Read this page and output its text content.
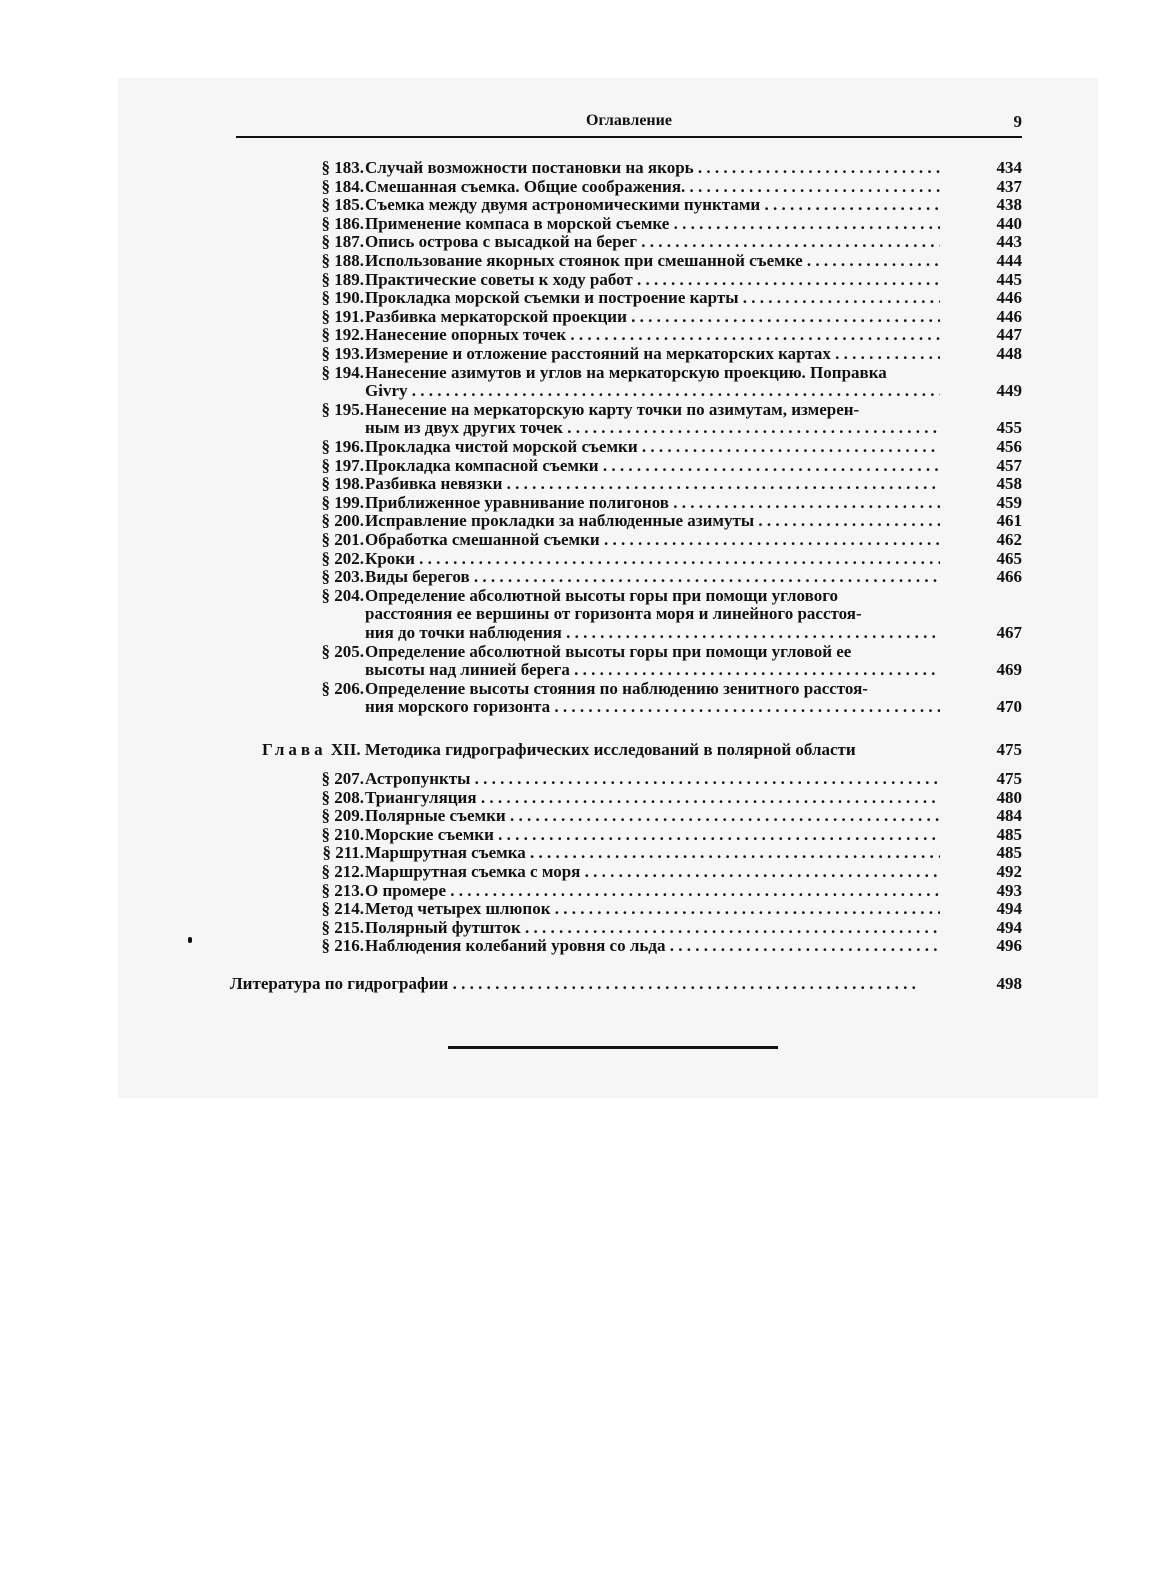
Оглавление	9
§ 183. Случай возможности постановки на якорь . . .	434
§ 184. Смешанная съемка. Общие соображения. . . .	437
§ 185. Съемка между двумя астрономическими пунктами . . .	438
§ 186. Применение компаса в морской съемке . . .	440
§ 187. Опись острова с высадкой на берег . . .	443
§ 188. Использование якорных стоянок при смешанной съемке . . .	444
§ 189. Практические советы к ходу работ . . .	445
§ 190. Прокладка морской съемки и построение карты . . .	446
§ 191. Разбивка меркаторской проекции . . .	446
§ 192. Нанесение опорных точек . . .	447
§ 193. Измерение и отложение расстояний на меркаторских картах . . .	448
§ 194. Нанесение азимутов и углов на меркаторскую проекцию. Поправка
Givry . . .	449
§ 195. Нанесение на меркаторскую карту точки по азимутам, измерен-
ным из двух других точек . . .	455
§ 196. Прокладка чистой морской съемки . . .	456
§ 197. Прокладка компасной съемки . . .	457
§ 198. Разбивка невязки . . .	458
§ 199. Приближенное уравнивание полигонов . . .	459
§ 200. Исправление прокладки за наблюденные азимуты . . .	461
§ 201. Обработка смешанной съемки . . .	462
§ 202. Кроки . . .	465
§ 203. Виды берегов . . .	466
§ 204. Определение абсолютной высоты горы при помощи углового
расстояния ее вершины от горизонта моря и линейного расстоя-
ния до точки наблюдения . . .	467
§ 205. Определение абсолютной высоты горы при помощи угловой ее
высоты над линией берега . . .	469
§ 206. Определение высоты стояния по наблюдению зенитного расстоя-
ния морского горизонта . . .	470
Глава XII. Методика гидрографических исследований в полярной области	475
§ 207. Астропункты . . .	475
§ 208. Триангуляция . . .	480
§ 209. Полярные съемки . . .	484
§ 210. Морские съемки . . .	485
§ 211. Маршрутная съемка . . .	485
§ 212. Маршрутная съемка с моря . . .	492
§ 213. О промере . . .	493
§ 214. Метод четырех шлюпок . . .	494
§ 215. Полярный футшток . . .	494
§ 216. Наблюдения колебаний уровня со льда . . .	496
Литература по гидрографии . . .	498
